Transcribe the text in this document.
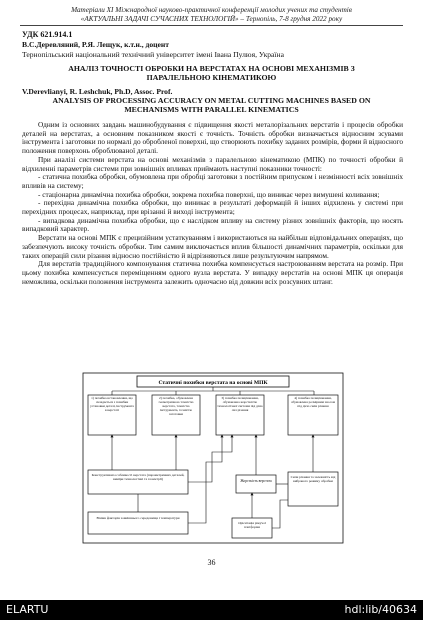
Матеріали XI Міжнародної науково-практичної конференції молодих учених та студентів
«АКТУАЛЬНІ ЗАДАЧІ СУЧАСНИХ ТЕХНОЛОГІЙ» – Тернопіль, 7-8 грудня 2022 року
УДК 621.914.1
В.С.Деревляний, Р.Я. Лещук, к.т.н., доцент
Тернопільський національний технічний університет імені Івана Пулюя, Україна
АНАЛІЗ ТОЧНОСТІ ОБРОБКИ НА ВЕРСТАТАХ НА ОСНОВІ МЕХАНІЗМІВ З ПАРАЛЕЛЬНОЮ КІНЕМАТИКОЮ
V.Derevlianyi, R. Leshchuk, Ph.D, Assoc. Prof.
ANALYSIS OF PROCESSING ACCURACY ON METAL CUTTING MACHINES BASED ON MECHANISMS WITH PARALLEL KINEMATICS

Одним із основних завдань машинобудування є підвищення якості металорізальних верстатів і процесів обробки деталей на верстатах, а основним показником якості є точність. Точність обробки визначається відносним зсувами інструмента і заготовки по нормалі до обробленої поверхні, що створюють похибку заданих розмірів, форми й відносного положення поверхонь оброблюваної деталі.

При аналізі системи верстата на основі механізмів з паралельною кінематикою (МПК) по точності обробки й відхиленні параметрів системи при зовнішніх впливах приймають наступні показники точності:

- статична похибка обробки, обумовлена при обробці заготовки з постійним припуском і незмінності всіх зовнішніх впливів на систему;

- стаціонарна динамічна похибка обробки, зокрема похибка поверхні, що виникає через вимушені коливання;

- перехідна динамічна похибка обробки, що виникає в результаті деформацій й інших відхилень у системі при перехідних процесах, наприклад, при врізанні й виході інструмента;

- випадкова динамічна похибка обробки, що є наслідком впливу на систему різних зовнішніх факторів, що носять випадковий характер.

Верстати на основі МПК є прецизійним устаткуванням і використаються на найбільш відповідальних операціях, що забезпечують високу точність обробки. Тим самим виключається вплив більшості динамічних параметрів, оскільки для таких операцій сили різання відносно постійністю й відрізняються лише результуючим напрямом.

Для верстатів традиційного компонування статична похибка компенсується настроюванням верстата на розмір. При цьому похибка компенсується переміщенням одного вузла верстата. У випадку верстатів на основі МПК ця операція неможлива, оскільки положення інструмента залежить одночасно від довжин всіх розсувних штанг.

Статичні похибки верстата на основі МПК
1) похибка встановлення, що складається з похибки установки деталі, інструмента в верстаті
2) похибка, обумовлена геометричною точністю верстата, точністю інструмента, точністю заготовки
3) похибка позиціювання, обумовлена жорсткістю технологічної системи під дією сил різання
4) похибка позиціювання, обумовлена розмірним зносом під дією сили різання
Конструктивні особливості верстата (параметричних деталей, виміри технологічні та геометрії)	Жорсткість верстата
Сили різання та залежність від вибраного режиму обробки
Вплив факторів зовнішнього середовища і температури
Орієнтація ріжучої платформи
36
ELARTU	hdl:lib/40634
